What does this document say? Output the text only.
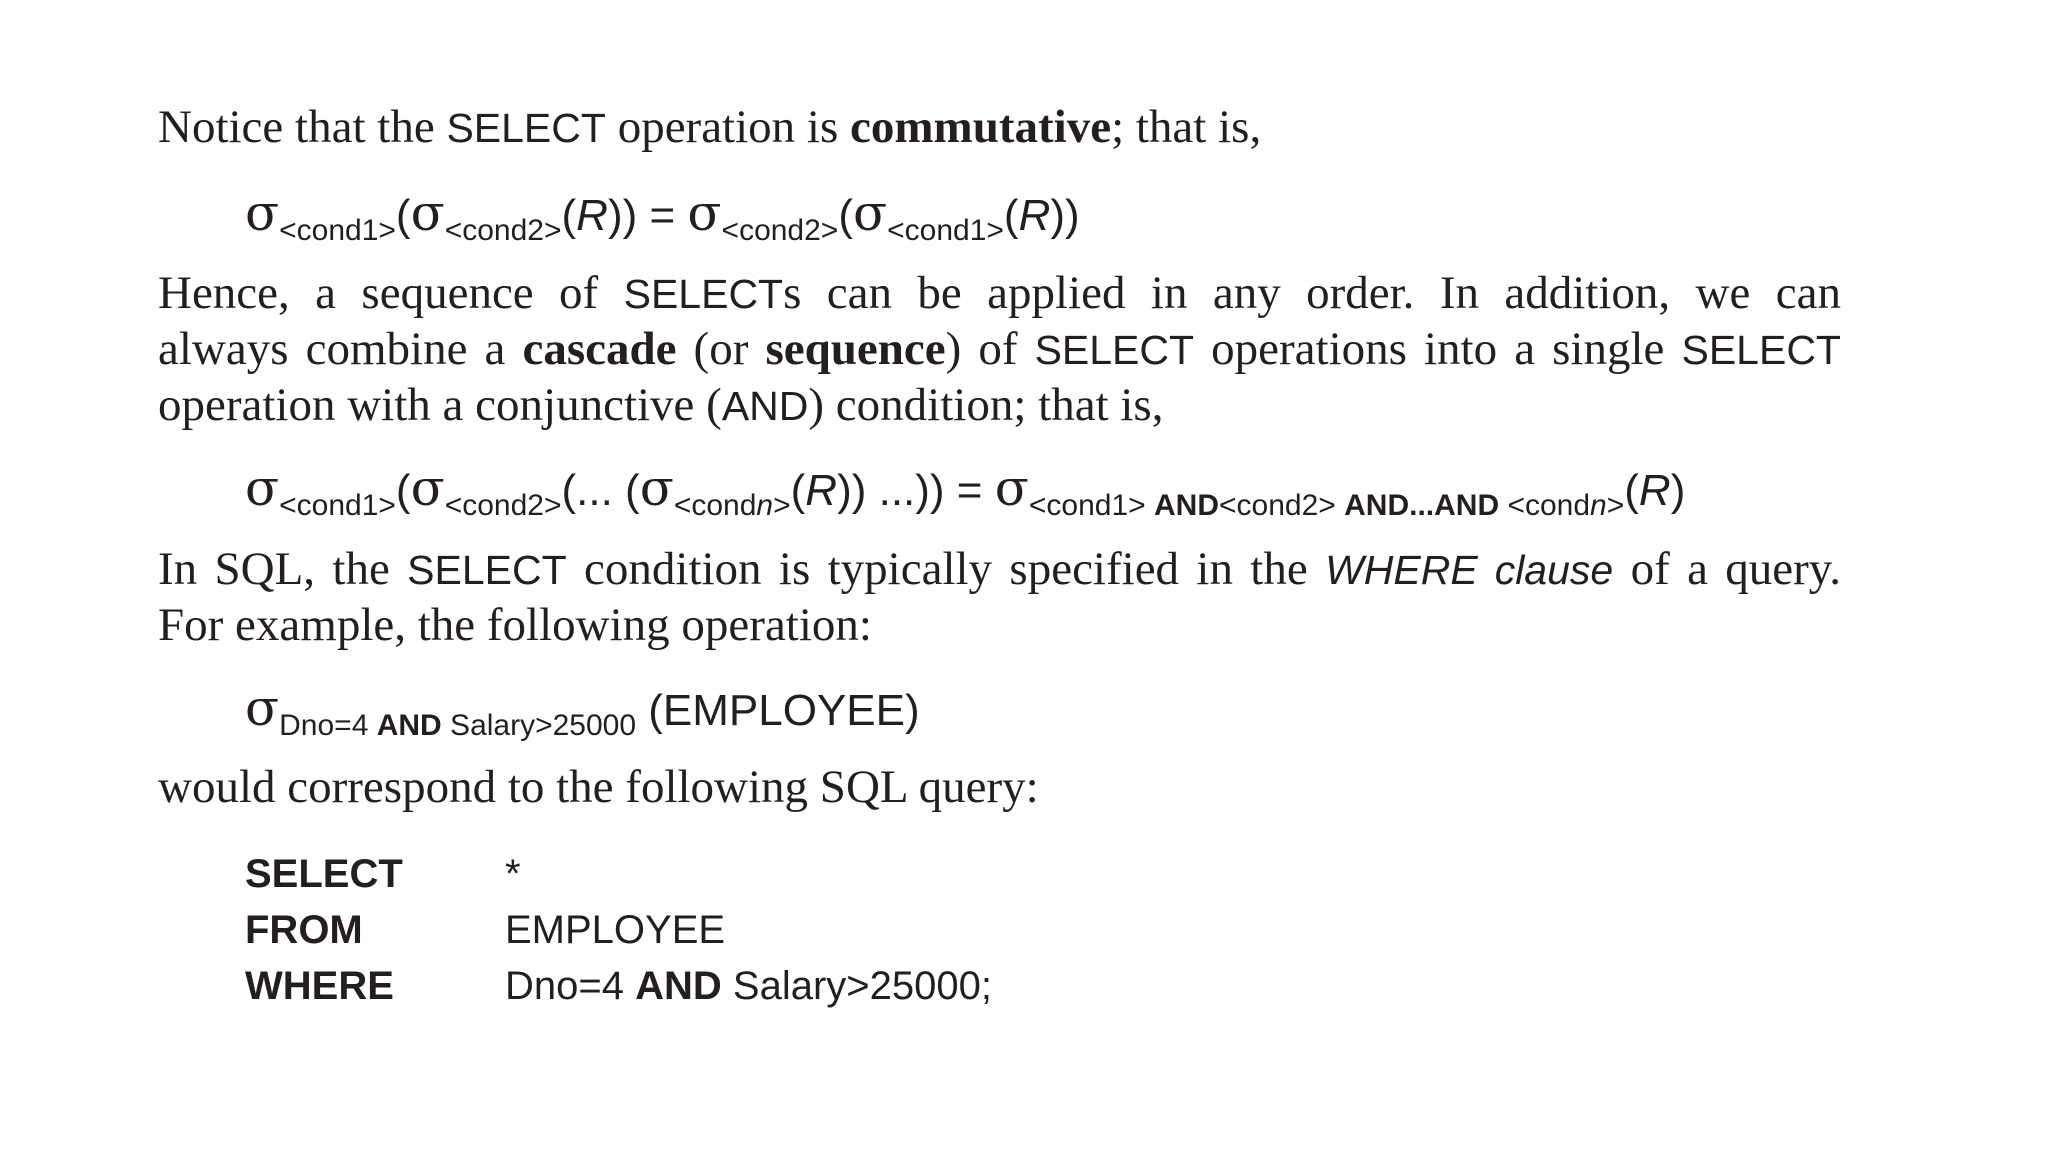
Notice that the SELECT operation is commutative; that is,

$\sigma_{<cond1>}(\sigma_{<cond2>}(R)) = \sigma_{<cond2>}(\sigma_{<cond1>}(R))$
Hence, a sequence of SELECTs can be applied in any order. In addition, we can
always combine a cascade (or sequence) of SELECT operations into a single SELECT
operation with a conjunctive (AND) condition; that is,
$\sigma_{<cond1>}(\sigma_{<cond2>}$(... $(\sigma_{<condn>}(R))$ ...)) = $\sigma_{<cond1> AND<cond2> AND...AND <condn>}(R)$
In SQL, the SELECT condition is typically specified in the WHERE clause of a query.
For example, the following operation:
$\sigma_{Dno=4 AND Salary>25000}$ (EMPLOYEE)

would correspond to the following SQL query:

SELECT	*
FROM	EMPLOYEE
WHERE	Dno=4 AND Salary>25000;
